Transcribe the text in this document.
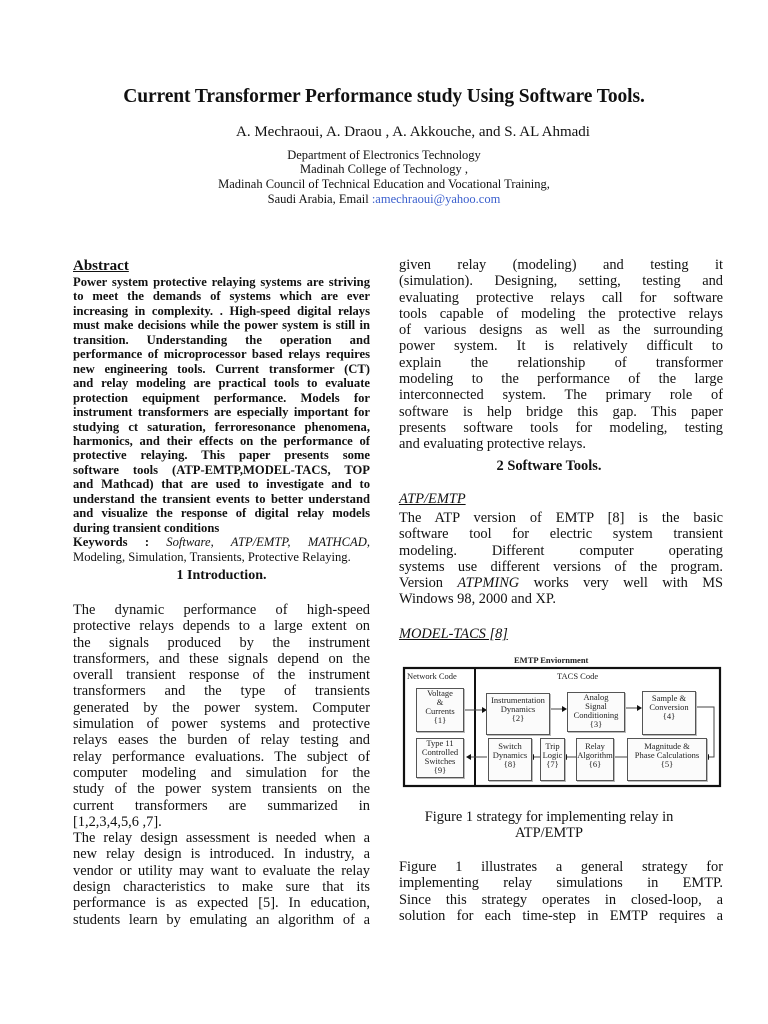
Current Transformer Performance study Using Software Tools.
A. Mechraoui, A. Draou , A. Akkouche, and S. AL Ahmadi
Department of Electronics Technology
Madinah College of Technology ,
Madinah Council of Technical Education and Vocational Training,
Saudi Arabia, Email :amechraoui@yahoo.com
Abstract
Power system protective relaying systems are striving
to meet the demands of systems which are ever
increasing in complexity. . High-speed digital relays
must make decisions while the power system is still in
transition. Understanding the operation and
performance of microprocessor based relays requires
new engineering tools. Current transformer (CT)
and relay modeling are practical tools to evaluate
protection equipment performance. Models for
instrument transformers are especially important for
studying ct saturation, ferroresonance phenomena,
harmonics, and their effects on the performance of
protective relaying. This paper presents some
software tools (ATP-EMTP,MODEL-TACS, TOP
and Mathcad) that are used to investigate and to
understand the transient events to better understand
and visualize the response of digital relay models
during transient conditions
Keywords : Software, ATP/EMTP, MATHCAD,
Modeling, Simulation, Transients, Protective Relaying.
1 Introduction.
The dynamic performance of high-speed
protective relays depends to a large extent on
the signals produced by the instrument
transformers, and these signals depend on the
overall transient response of the instrument
transformers and the type of transients
generated by the power system. Computer
simulation of power systems and protective
relays eases the burden of relay testing and
relay performance evaluations. The subject of
computer modeling and simulation for the
study of the power system transients on the
current transformers are summarized in
[1,2,3,4,5,6 ,7].
The relay design assessment is needed when a
new relay design is introduced. In industry, a
vendor or utility may want to evaluate the relay
design characteristics to make sure that its
performance is as expected [5]. In education,
students learn by emulating an algorithm of a
given relay (modeling) and testing it
(simulation). Designing, setting, testing and
evaluating protective relays call for software
tools capable of modeling the protective relays
of various designs as well as the surrounding
power system. It is relatively difficult to
explain the relationship of transformer
modeling to the performance of the large
interconnected system. The primary role of
software is help bridge this gap. This paper
presents software tools for modeling, testing
and evaluating protective relays.
2 Software Tools.
ATP/EMTP
The ATP version of EMTP [8] is the basic
software tool for electric system transient
modeling. Different computer operating
systems use different versions of the program.
Version ATPMING works very well with MS
Windows 98, 2000 and XP.
MODEL-TACS [8]
EMTP Enviornment
Network Code	TACS Code
Voltage
&
Currents
{1}
Instrumentation
Dynamics
{2}
Analog
Signal
Conditioning
{3}
Sample &
Conversion
{4}
Type 11
Controlled
Switches
{9}
Switch
Dynamics
{8}
Trip
Logic
{7}
Relay
Algorithm
{6}
Magnitude &
Phase Calculations
{5}
Figure 1 strategy for implementing relay in
ATP/EMTP
Figure 1 illustrates a general strategy for
implementing relay simulations in EMTP.
Since this strategy operates in closed-loop, a
solution for each time-step in EMTP requires a
